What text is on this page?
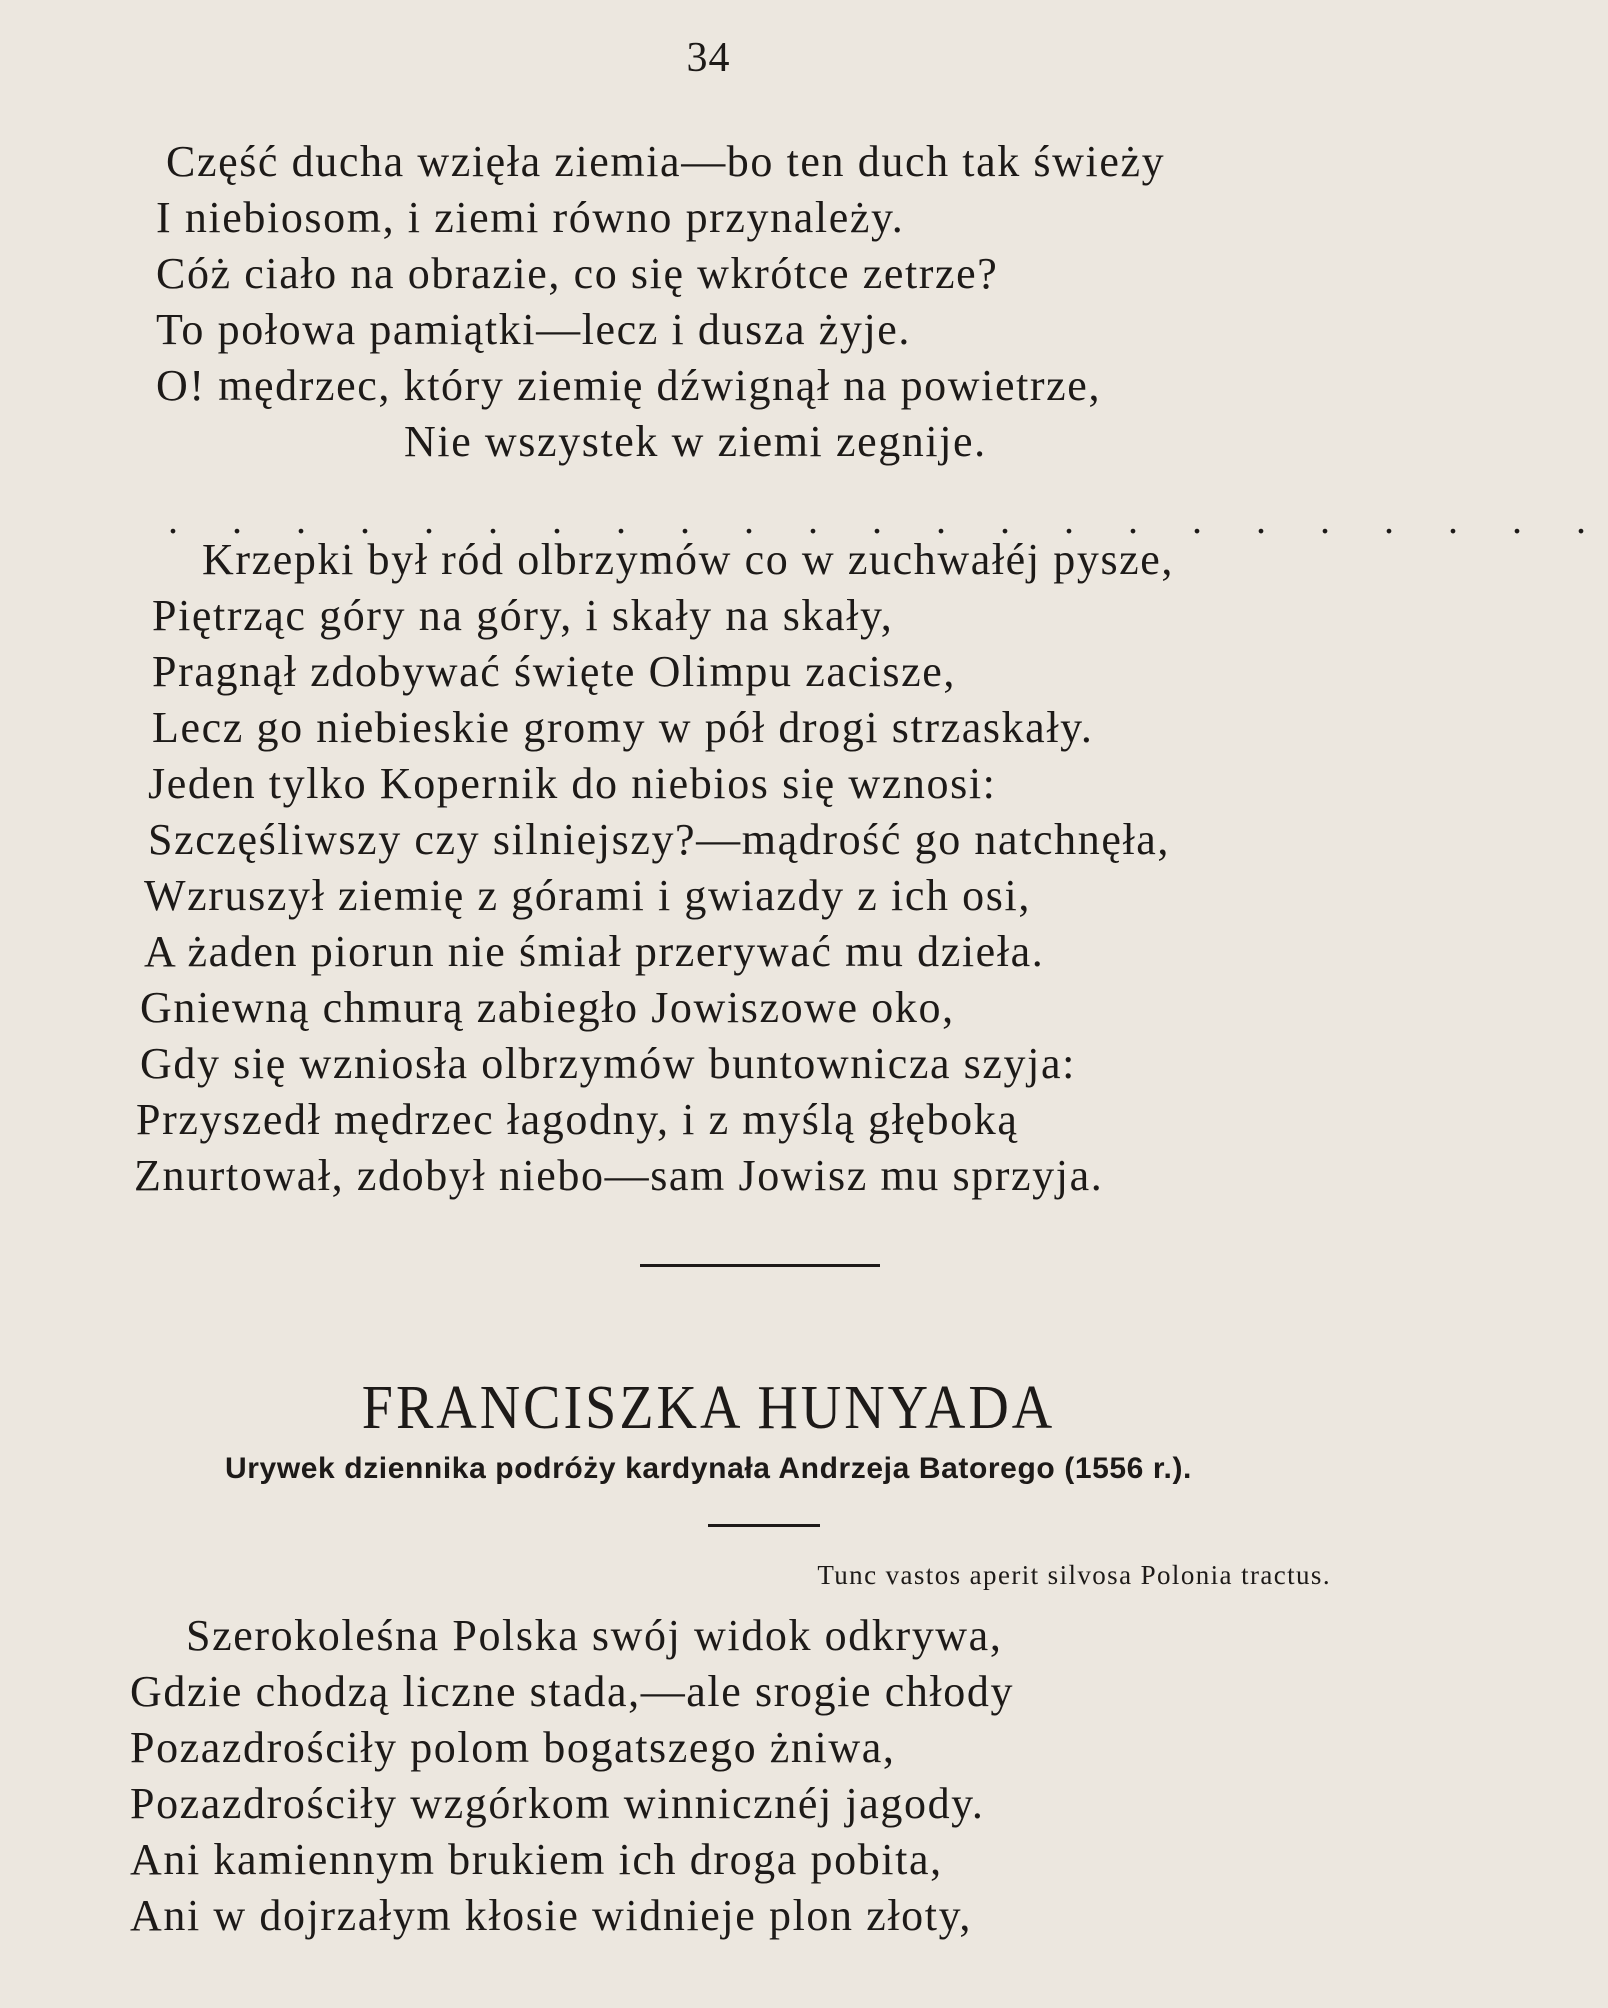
34
Część ducha wzięła ziemia—bo ten duch tak świeży
I niebiosom, i ziemi równo przynależy.
Cóż ciało na obrazie, co się wkrótce zetrze?
To połowa pamiątki—lecz i dusza żyje.
O! mędrzec, który ziemię dźwignął na powietrze,
Nie wszystek w ziemi zegnije.
. . . . . . . . . . . . . . . . . . . . . . .
Krzepki był ród olbrzymów co w zuchwałéj pysze,
Piętrząc góry na góry, i skały na skały,
Pragnął zdobywać święte Olimpu zacisze,
Lecz go niebieskie gromy w pół drogi strzaskały.
Jeden tylko Kopernik do niebios się wznosi:
Szczęśliwszy czy silniejszy?—mądrość go natchnęła,
Wzruszył ziemię z górami i gwiazdy z ich osi,
A żaden piorun nie śmiał przerywać mu dzieła.
Gniewną chmurą zabiegło Jowiszowe oko,
Gdy się wzniosła olbrzymów buntownicza szyja:
Przyszedł mędrzec łagodny, i z myślą głęboką
Znurtował, zdobył niebo—sam Jowisz mu sprzyja.
FRANCISZKA HUNYADA
Urywek dziennika podróży kardynała Andrzeja Batorego (1556 r.).
Tunc vastos aperit silvosa Polonia tractus.
Szerokoleśna Polska swój widok odkrywa,
Gdzie chodzą liczne stada,—ale srogie chłody
Pozazdrościły polom bogatszego żniwa,
Pozazdrościły wzgórkom winnicznéj jagody.
Ani kamiennym brukiem ich droga pobita,
Ani w dojrzałym kłosie widnieje plon złoty,
